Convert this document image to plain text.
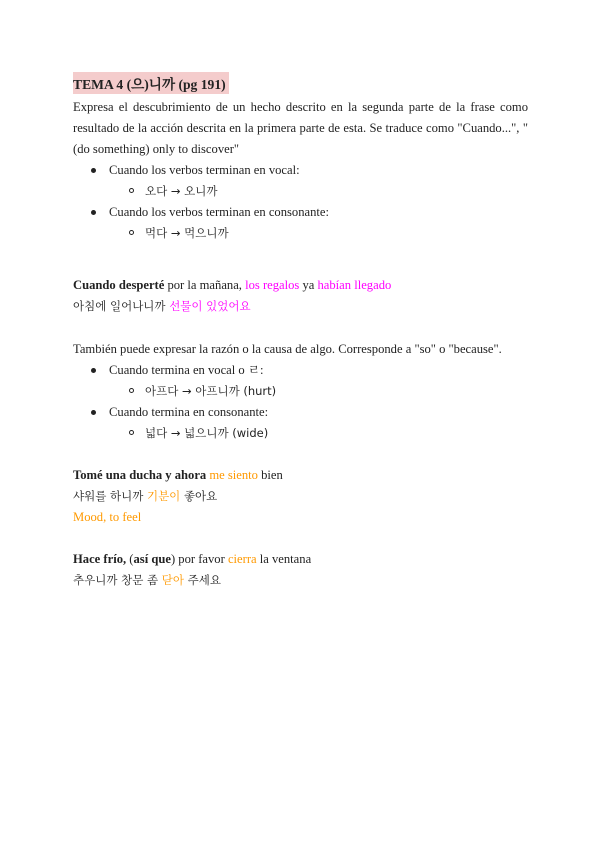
TEMA 4 (으)니까 (pg 191)
Expresa el descubrimiento de un hecho descrito en la segunda parte de la frase como resultado de la acción descrita en la primera parte de esta. Se traduce como "Cuando...", "(do something) only to discover"
Cuando los verbos terminan en vocal:
오다 → 오니까
Cuando los verbos terminan en consonante:
먹다 → 먹으니까
Cuando desperté por la mañana, los regalos ya habían llegado
아침에 일어나니까 선물이 있었어요
También puede expresar la razón o la causa de algo. Corresponde a "so" o "because".
Cuando termina en vocal o ㄹ:
아프다 → 아프니까 (hurt)
Cuando termina en consonante:
넓다 → 넓으니까 (wide)
Tomé una ducha y ahora me siento bien
샤워를 하니까 기분이 좋아요
Mood, to feel
Hace frío, (así que) por favor cierra la ventana
추우니까 창문 좀 닫아 주세요
